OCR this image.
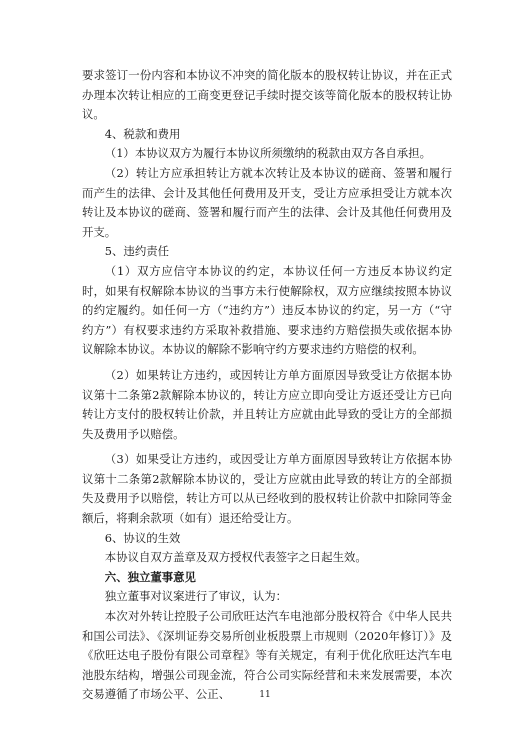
要求签订一份内容和本协议不冲突的简化版本的股权转让协议，并在正式办理本次转让相应的工商变更登记手续时提交该等简化版本的股权转让协议。

4、税款和费用

（1）本协议双方为履行本协议所须缴纳的税款由双方各自承担。

（2）转让方应承担转让方就本次转让及本协议的磋商、签署和履行而产生的法律、会计及其他任何费用及开支，受让方应承担受让方就本次转让及本协议的磋商、签署和履行而产生的法律、会计及其他任何费用及开支。

5、违约责任

（1）双方应信守本协议的约定，本协议任何一方违反本协议约定时，如果有权解除本协议的当事方未行使解除权，双方应继续按照本协议的约定履约。如任何一方（“违约方”）违反本协议的约定，另一方（“守约方”）有权要求违约方采取补救措施、要求违约方赔偿损失或依据本协议解除本协议。本协议的解除不影响守约方要求违约方赔偿的权利。

（2）如果转让方违约，或因转让方单方面原因导致受让方依据本协议第十二条第2款解除本协议的，转让方应立即向受让方返还受让方已向转让方支付的股权转让价款，并且转让方应就由此导致的受让方的全部损失及费用予以赔偿。

（3）如果受让方违约，或因受让方单方面原因导致转让方依据本协议第十二条第2款解除本协议的，受让方应就由此导致的转让方的全部损失及费用予以赔偿，转让方可以从已经收到的股权转让价款中扣除同等金额后，将剩余款项（如有）退还给受让方。

6、协议的生效

本协议自双方盖章及双方授权代表签字之日起生效。

六、独立董事意见

独立董事对议案进行了审议，认为：

本次对外转让控股子公司欣旺达汽车电池部分股权符合《中华人民共和国公司法》、《深圳证券交易所创业板股票上市规则（2020年修订）》及《欣旺达电子股份有限公司章程》等有关规定，有利于优化欣旺达汽车电池股东结构，增强公司现金流，符合公司实际经营和未来发展需要，本次交易遵循了市场公平、公正、	11
